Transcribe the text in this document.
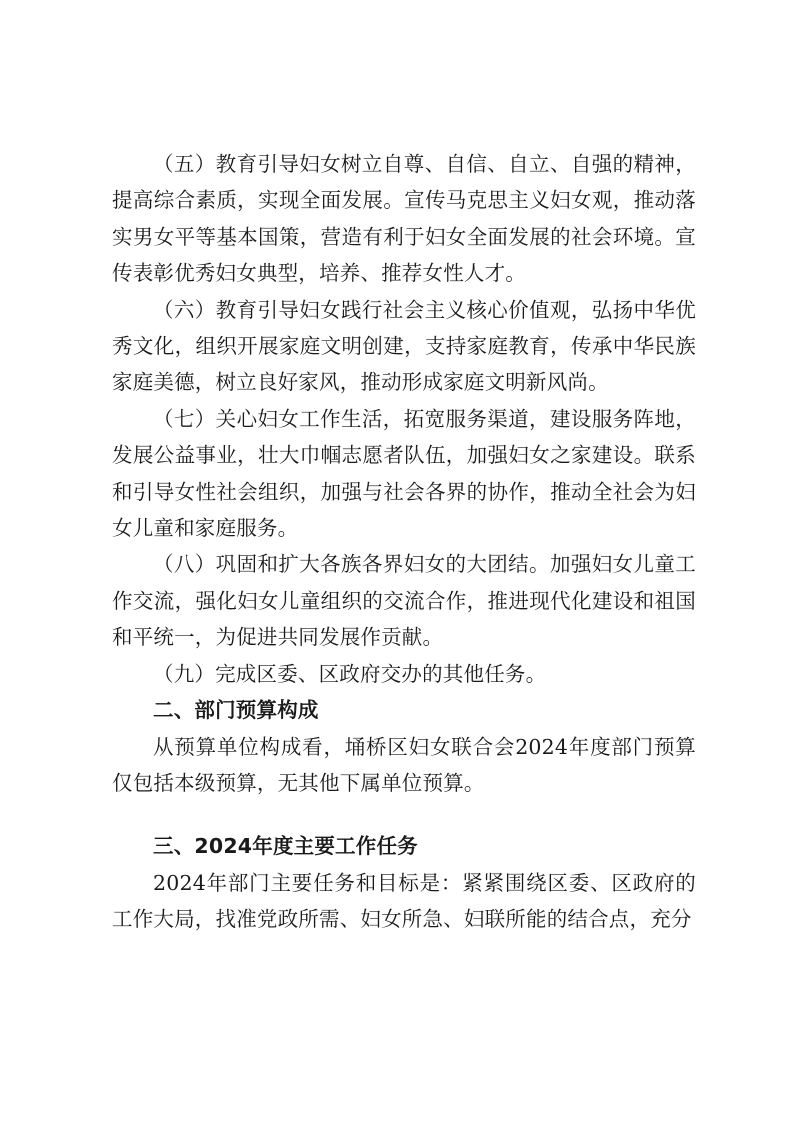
（五）教育引导妇女树立自尊、自信、自立、自强的精神，提高综合素质，实现全面发展。宣传马克思主义妇女观，推动落实男女平等基本国策，营造有利于妇女全面发展的社会环境。宣传表彰优秀妇女典型，培养、推荐女性人才。

（六）教育引导妇女践行社会主义核心价值观，弘扬中华优秀文化，组织开展家庭文明创建，支持家庭教育，传承中华民族家庭美德，树立良好家风，推动形成家庭文明新风尚。

（七）关心妇女工作生活，拓宽服务渠道，建设服务阵地，发展公益事业，壮大巾帼志愿者队伍，加强妇女之家建设。联系和引导女性社会组织，加强与社会各界的协作，推动全社会为妇女儿童和家庭服务。

（八）巩固和扩大各族各界妇女的大团结。加强妇女儿童工作交流，强化妇女儿童组织的交流合作，推进现代化建设和祖国和平统一，为促进共同发展作贡献。

（九）完成区委、区政府交办的其他任务。

二、部门预算构成

从预算单位构成看，埇桥区妇女联合会2024年度部门预算仅包括本级预算，无其他下属单位预算。

三、2024年度主要工作任务

2024年部门主要任务和目标是：紧紧围绕区委、区政府的工作大局，找准党政所需、妇女所急、妇联所能的结合点，充分
